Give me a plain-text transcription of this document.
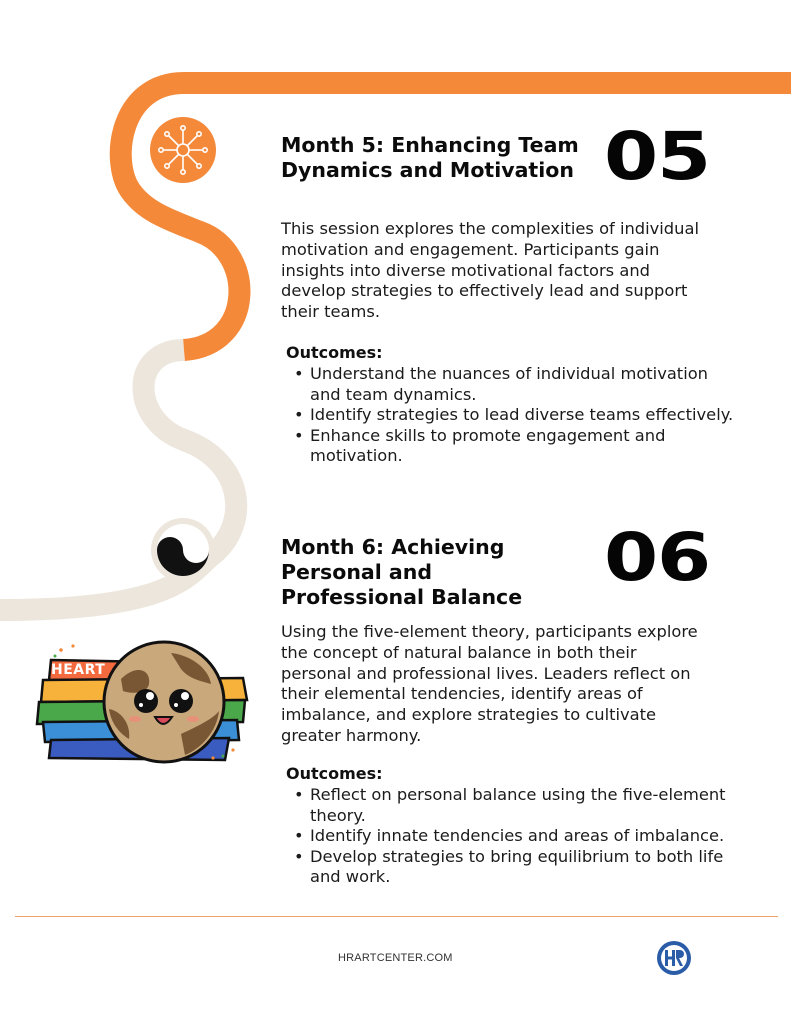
Month 5: Enhancing Team Dynamics and Motivation 05

This session explores the complexities of individual motivation and engagement. Participants gain insights into diverse motivational factors and develop strategies to effectively lead and support their teams.

Outcomes:
• Understand the nuances of individual motivation and team dynamics.
• Identify strategies to lead diverse teams effectively.
• Enhance skills to promote engagement and motivation.
Month 6: Achieving Personal and Professional Balance
06

Using the five-element theory, participants explore the concept of natural balance in both their personal and professional lives. Leaders reflect on their elemental tendencies, identify areas of imbalance, and explore strategies to cultivate greater harmony.

Outcomes:
• Reflect on personal balance using the five-element theory.
• Identify innate tendencies and areas of imbalance.
• Develop strategies to bring equilibrium to both life and work.
HEART
HRARTCENTER.COM
